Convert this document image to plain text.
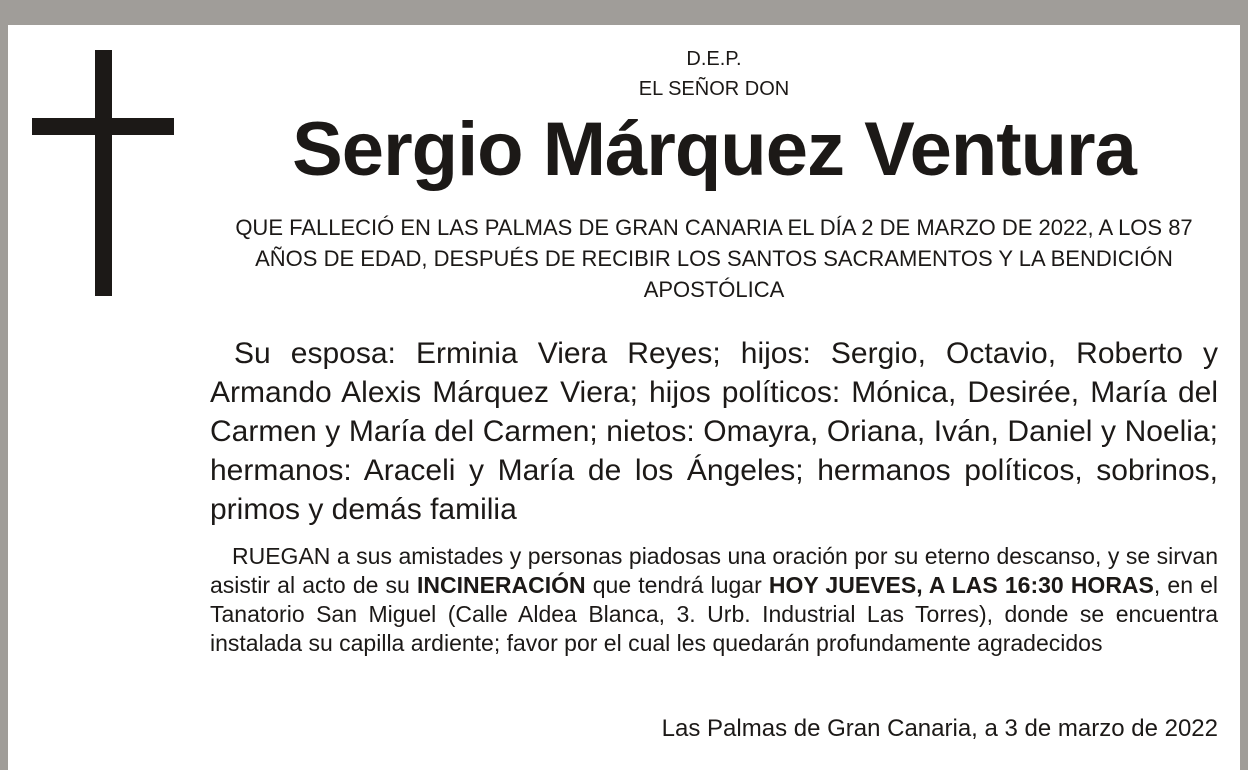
D.E.P.
EL SEÑOR DON
Sergio Márquez Ventura
QUE FALLECIÓ EN LAS PALMAS DE GRAN CANARIA EL DÍA 2 DE MARZO DE 2022, A LOS 87 AÑOS DE EDAD, DESPUÉS DE RECIBIR LOS SANTOS SACRAMENTOS Y LA BENDICIÓN APOSTÓLICA
Su esposa: Erminia Viera Reyes; hijos: Sergio, Octavio, Roberto y Armando Alexis Márquez Viera; hijos políticos: Mónica, Desirée, María del Carmen y María del Carmen; nietos: Omayra, Oriana, Iván, Daniel y Noelia; hermanos: Araceli y María de los Ángeles; hermanos políticos, sobrinos, primos y demás familia
RUEGAN a sus amistades y personas piadosas una oración por su eterno descanso, y se sirvan asistir al acto de su INCINERACIÓN que tendrá lugar HOY JUEVES, A LAS 16:30 HORAS, en el Tanatorio San Miguel (Calle Aldea Blanca, 3. Urb. Industrial Las Torres), donde se encuentra instalada su capilla ardiente; favor por el cual les quedarán profundamente agradecidos
Las Palmas de Gran Canaria, a 3 de marzo de 2022
